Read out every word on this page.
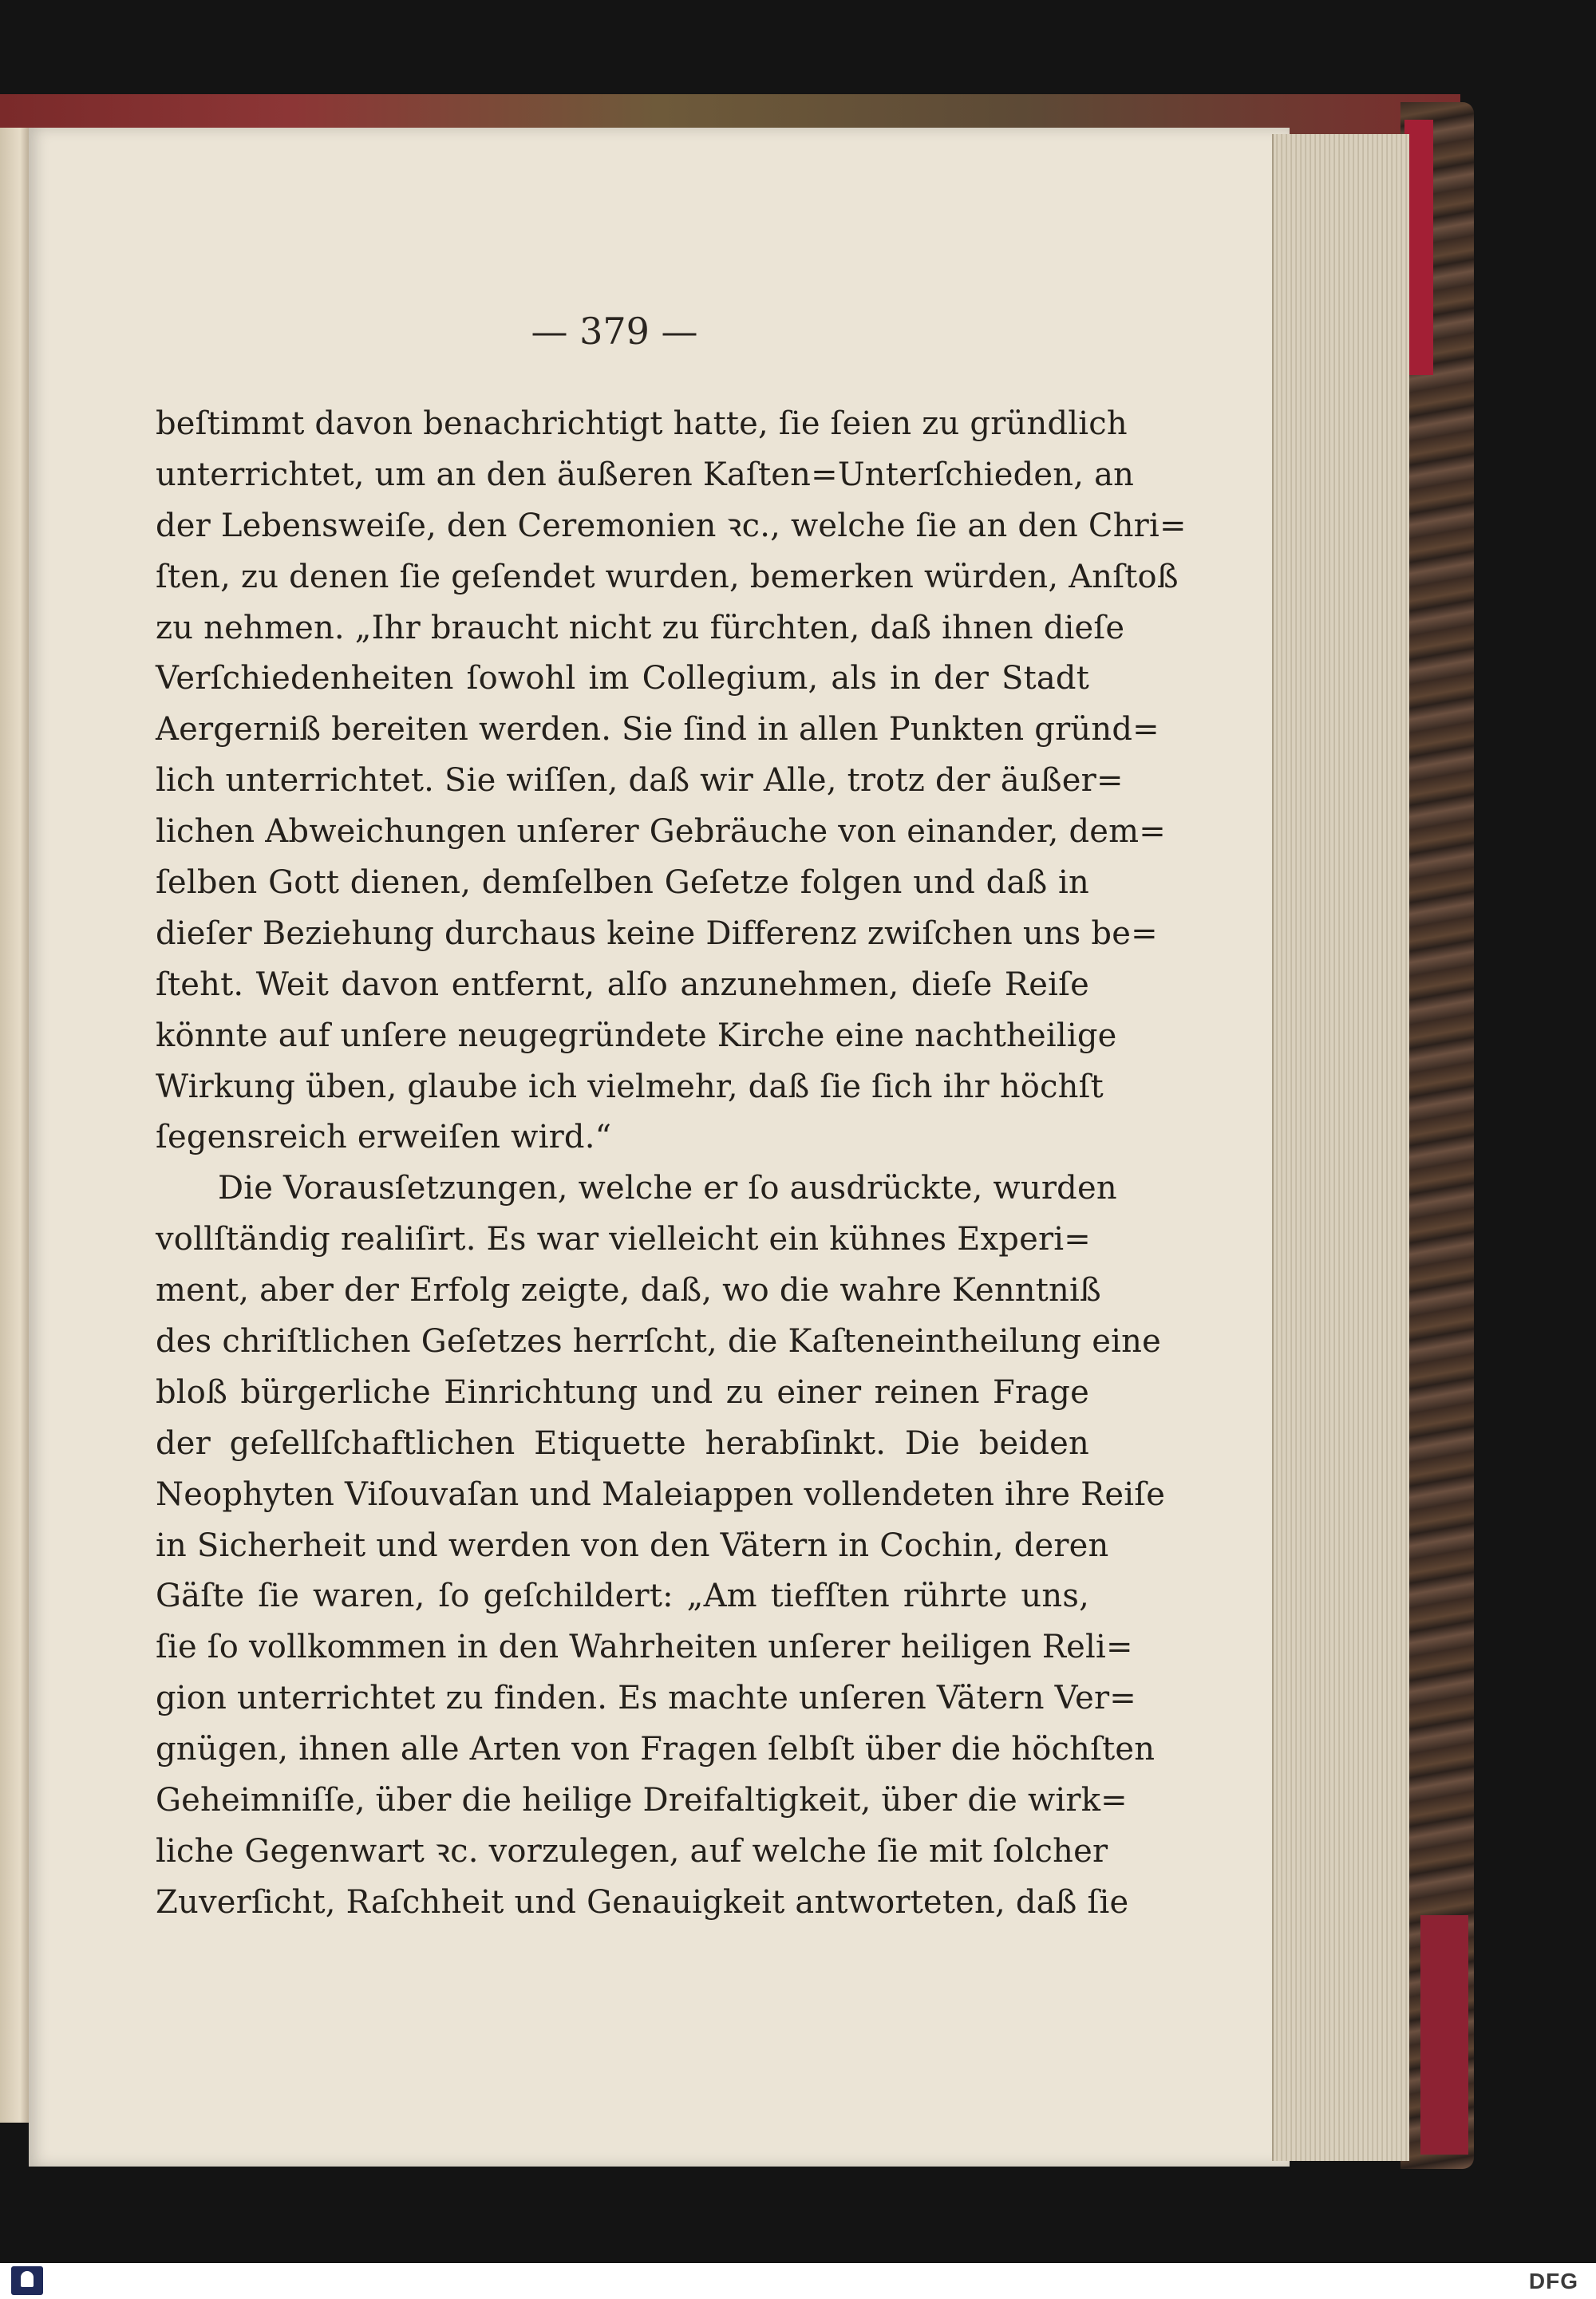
— 379 —
beſtimmt davon benachrichtigt hatte, ſie ſeien zu gründlich
unterrichtet, um an den äußeren Kaſten=Unterſchieden, an
der Lebensweiſe, den Ceremonien ꝛc., welche ſie an den Chri=
ſten, zu denen ſie geſendet wurden, bemerken würden, Anſtoß
zu nehmen. „Ihr braucht nicht zu fürchten, daß ihnen dieſe
Verſchiedenheiten ſowohl im Collegium, als in der Stadt
Aergerniß bereiten werden. Sie ſind in allen Punkten gründ=
lich unterrichtet. Sie wiſſen, daß wir Alle, trotz der äußer=
lichen Abweichungen unſerer Gebräuche von einander, dem=
ſelben Gott dienen, demſelben Geſetze folgen und daß in
dieſer Beziehung durchaus keine Differenz zwiſchen uns be=
ſteht. Weit davon entfernt, alſo anzunehmen, dieſe Reiſe
könnte auf unſere neugegründete Kirche eine nachtheilige
Wirkung üben, glaube ich vielmehr, daß ſie ſich ihr höchſt
ſegensreich erweiſen wird.“
Die Vorausſetzungen, welche er ſo ausdrückte, wurden
vollſtändig realiſirt. Es war vielleicht ein kühnes Experi=
ment, aber der Erfolg zeigte, daß, wo die wahre Kenntniß
des chriſtlichen Geſetzes herrſcht, die Kaſteneintheilung eine
bloß bürgerliche Einrichtung und zu einer reinen Frage
der geſellſchaftlichen Etiquette herabſinkt. Die beiden
Neophyten Viſouvaſan und Maleiappen vollendeten ihre Reiſe
in Sicherheit und werden von den Vätern in Cochin, deren
Gäſte ſie waren, ſo geſchildert: „Am tiefſten rührte uns,
ſie ſo vollkommen in den Wahrheiten unſerer heiligen Reli=
gion unterrichtet zu finden. Es machte unſeren Vätern Ver=
gnügen, ihnen alle Arten von Fragen ſelbſt über die höchſten
Geheimniſſe, über die heilige Dreifaltigkeit, über die wirk=
liche Gegenwart ꝛc. vorzulegen, auf welche ſie mit ſolcher
Zuverſicht, Raſchheit und Genauigkeit antworteten, daß ſie
DFG
